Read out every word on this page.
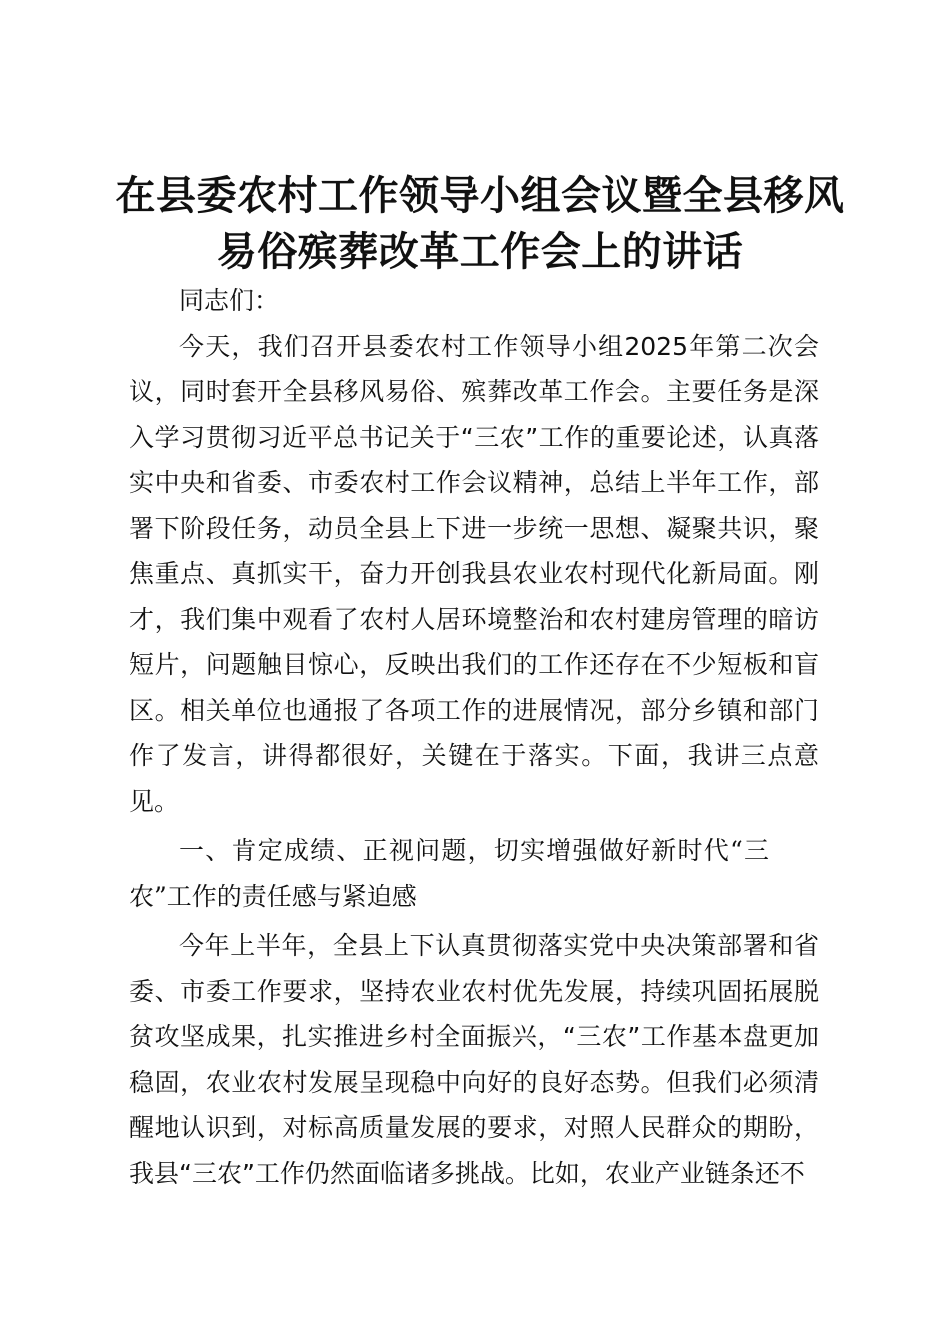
在县委农村工作领导小组会议暨全县移风易俗殡葬改革工作会上的讲话

同志们：

今天，我们召开县委农村工作领导小组2025年第二次会议，同时套开全县移风易俗、殡葬改革工作会。主要任务是深入学习贯彻习近平总书记关于“三农”工作的重要论述，认真落实中央和省委、市委农村工作会议精神，总结上半年工作，部署下阶段任务，动员全县上下进一步统一思想、凝聚共识，聚焦重点、真抓实干，奋力开创我县农业农村现代化新局面。刚才，我们集中观看了农村人居环境整治和农村建房管理的暗访短片，问题触目惊心，反映出我们的工作还存在不少短板和盲区。相关单位也通报了各项工作的进展情况，部分乡镇和部门作了发言，讲得都很好，关键在于落实。下面，我讲三点意见。

一、肯定成绩、正视问题，切实增强做好新时代“三农”工作的责任感与紧迫感

今年上半年，全县上下认真贯彻落实党中央决策部署和省委、市委工作要求，坚持农业农村优先发展，持续巩固拓展脱贫攻坚成果，扎实推进乡村全面振兴，“三农”工作基本盘更加稳固，农业农村发展呈现稳中向好的良好态势。但我们必须清醒地认识到，对标高质量发展的要求，对照人民群众的期盼，我县“三农”工作仍然面临诸多挑战。比如，农业产业链条还不
